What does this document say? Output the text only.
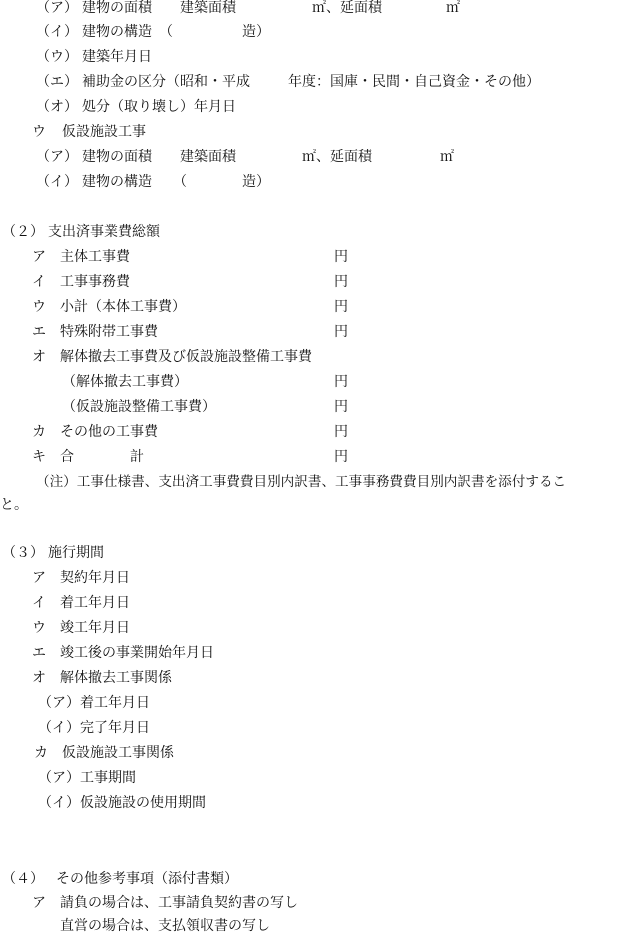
（ア） 建物の面積　　建築面積	㎡ 、延面積	㎡
（イ） 建物の構造　（	造）
（ウ） 建築年月日
（エ） 補助金の区分（昭和・平成	年度：国庫・民間・自己資金・その他）
（オ） 処分（取り壊し）年月日
ウ 仮設施設工事
（ア） 建物の面積　　建築面積	㎡ 、延面積	㎡
（イ） 建物の構造　　（	造）
（２） 支出済事業費総額
ア 主体工事費	円
イ 工事事務費	円
ウ 小計（本体工事費）	円
エ 特殊附帯工事費	円
オ 解体撤去工事費及び仮設施設整備工事費
（解体撤去工事費）	円
（仮設施設整備工事費）	円
カ その他の工事費	円
キ 合　　　　計	円
（注）工事仕様書、支出済工事費費目別内訳書、工事事務費費目別内訳書を添付するこ
と。
（３） 施行期間
ア 契約年月日
イ 着工年月日
ウ 竣工年月日
エ 竣工後の事業開始年月日
オ 解体撤去工事関係
（ア） 着工年月日
（イ） 完了年月日
カ 仮設施設工事関係
（ア） 工事期間
（イ） 仮設施設の使用期間
（４） その他参考事項（添付書類）
ア 請負の場合は、工事請負契約書の写し
直営の場合は、支払領収書の写し
